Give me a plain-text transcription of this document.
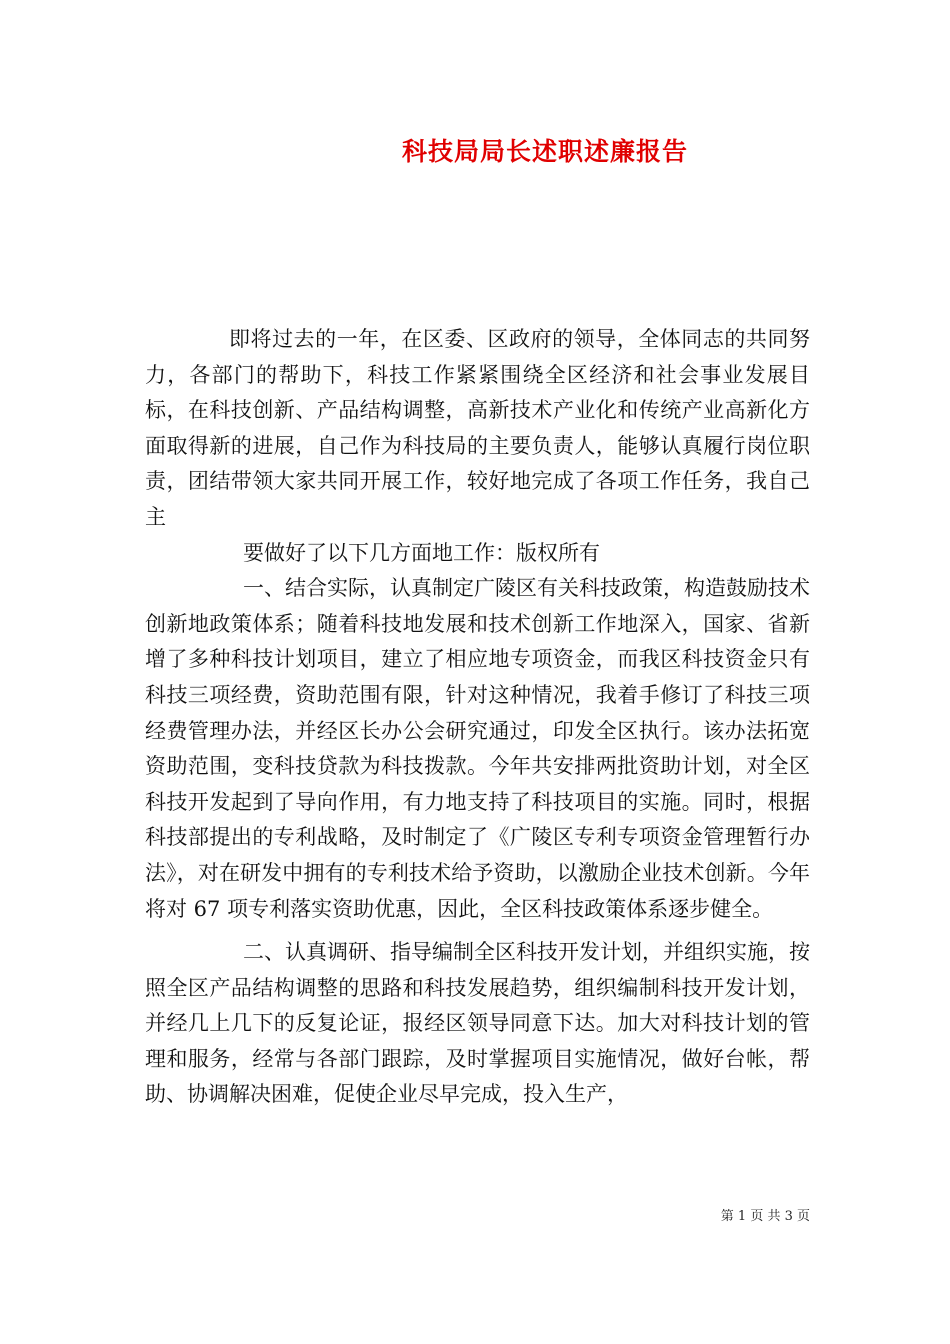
科技局局长述职述廉报告

即将过去的一年，在区委、区政府的领导，全体同志的共同努力，各部门的帮助下，科技工作紧紧围绕全区经济和社会事业发展目标，在科技创新、产品结构调整，高新技术产业化和传统产业高新化方面取得新的进展，自己作为科技局的主要负责人，能够认真履行岗位职责，团结带领大家共同开展工作，较好地完成了各项工作任务，我自己主

要做好了以下几方面地工作：版权所有

一、结合实际，认真制定广陵区有关科技政策，构造鼓励技术创新地政策体系；随着科技地发展和技术创新工作地深入，国家、省新增了多种科技计划项目，建立了相应地专项资金，而我区科技资金只有科技三项经费，资助范围有限，针对这种情况，我着手修订了科技三项经费管理办法，并经区长办公会研究通过，印发全区执行。该办法拓宽资助范围，变科技贷款为科技拨款。今年共安排两批资助计划，对全区科技开发起到了导向作用，有力地支持了科技项目的实施。同时，根据科技部提出的专利战略，及时制定了《广陵区专利专项资金管理暂行办法》，对在研发中拥有的专利技术给予资助，以激励企业技术创新。今年将对 67 项专利落实资助优惠，因此，全区科技政策体系逐步健全。

二、认真调研、指导编制全区科技开发计划，并组织实施，按照全区产品结构调整的思路和科技发展趋势，组织编制科技开发计划，并经几上几下的反复论证，报经区领导同意下达。加大对科技计划的管理和服务，经常与各部门跟踪，及时掌握项目实施情况，做好台帐，帮助、协调解决困难，促使企业尽早完成，投入生产，

第 1 页 共 3 页
